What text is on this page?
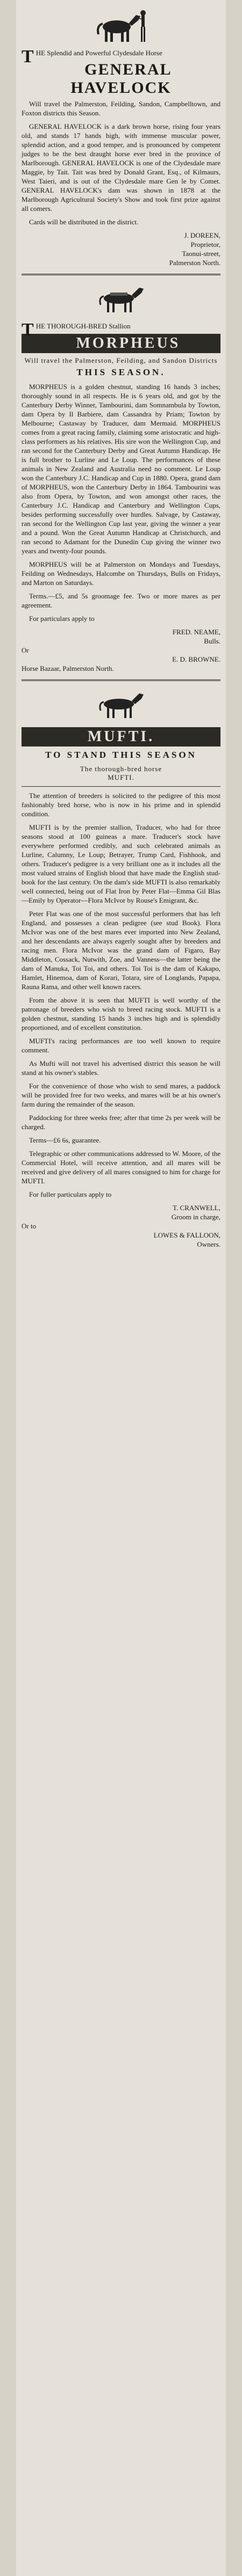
T HE Splendid and Powerful Clydesdale Horse
GENERAL HAVELOCK

Will travel the Palmerston, Feilding, Sandon, Campbelltown, and Foxton districts this Season.

GENERAL HAVELOCK is a dark brown horse, rising four years old, and stands 17 hands high, with immense muscular power, splendid action, and a good temper, and is pronounced by competent judges to be the best draught horse ever bred in the province of Marlborough. GENERAL HAVELOCK is one of the Clydesdale mare Maggie, by Tait. Tait was bred by Donald Grant, Esq., of Kilmaurs, West Taieri, and is out of the Clydesdale mare Gen le by Comet. GENERAL HAVELOCK's dam was shown in 1878 at the Marlborough Agricultural Society's Show and took first prize against all comers.

Cards will be distributed in the district.

J. DOREEN,
Proprietor,
Taonui-street,
Palmerston North.
T HE THOROUGH-BRED Stallion
MORPHEUS
Will travel the Palmerston, Feilding, and Sandon Districts
THIS SEASON.

MORPHEUS is a golden chestnut, standing 16 hands 3 inches; thoroughly sound in all respects. He is 6 years old, and got by the Canterbury Derby Winner, Tambourini, dam Somnambula by Towton, dam Opera by Il Barbiere, dam Cassandra by Priam; Towton by Melbourne; Castaway by Traducer, dam Mermaid. MORPHEUS comes from a great racing family, claiming some aristocratic and high-class performers as his relatives. His sire won the Wellington Cup, and ran second for the Canterbury Derby and Great Autumn Handicap. He is full brother to Lurline and Le Loup. The performances of these animals in New Zealand and Australia need no comment. Le Loup won the Canterbury J.C. Handicap and Cup in 1880. Opera, grand dam of MORPHEUS, won the Canterbury Derby in 1864. Tambourini was also from Opera, by Towton, and won amongst other races, the Canterbury J.C. Handicap and Canterbury and Wellington Cups, besides performing successfully over hurdles. Salvage, by Castaway, ran second for the Wellington Cup last year, giving the winner a year and a pound. Won the Great Autumn Handicap at Christchurch, and ran second to Adamant for the Dunedin Cup giving the winner two years and twenty-four pounds.

MORPHEUS will be at Palmerston on Mondays and Tuesdays, Feilding on Wednesdays, Halcombe on Thursdays, Bulls on Fridays, and Marton on Saturdays.

Terms.—£5, and 5s groomage fee. Two or more mares as per agreement.

For particulars apply to

FRED. NEAME,
Bulls.
Or
E. D. BROWNE.
Horse Bazaar, Palmerston North.
MUFTI.
TO STAND THIS SEASON
The thorough-bred horse
MUFTI.

The attention of breeders is solicited to the pedigree of this most fashionably bred horse, who is now in his prime and in splendid condition.

MUFTI is by the premier stallion, Traducer, who had for three seasons stood at 100 guineas a mare. Traducer's stock have everywhere performed credibly, and such celebrated animals as Lurline, Calumny, Le Loup; Betrayer, Trump Card, Fishhook, and others. Traducer's pedigree is a very brilliant one as it includes all the most valued strains of English blood that have made the English stud-book for the last century. On the dam's side MUFTI is also remarkably well connected, being out of Flat Iron by Peter Flat—Emma Gil Blas—Emily by Operator—Flora McIvor by Rouse's Emigrant, &c.

Peter Flat was one of the most successful performers that has left England, and possesses a clean pedigree (see stud Book). Flora McIvor was one of the best mares ever imported into New Zealand, and her descendants are always eagerly sought after by breeders and racing men. Flora McIvor was the grand dam of Figaro, Bay Middleton, Cossack, Nutwith, Zoe, and Vanness—the latter being the dam of Manuka, Toi Toi, and others. Toi Toi is the dam of Kakapo, Hamlet, Hinemoa, dam of Korari, Totara, sire of Longlands, Papapa, Rauna Rama, and other well known racers.

From the above it is seen that MUFTI is well worthy of the patronage of breeders who wish to breed racing stock. MUFTI is a golden chestnut, standing 15 hands 3 inches high and is splendidly proportioned, and of excellent constitution.

MUFTI's racing performances are too well known to require comment.

As Mufti will not travel his advertised district this season he will stand at his owner's stables.

For the convenience of those who wish to send mares, a paddock will be provided free for two weeks, and mares will be at his owner's farm during the remainder of the season.

Paddocking for three weeks free; after that time 2s per week will be charged.

Terms—£6 6s, guarantee.

Telegraphic or other communications addressed to W. Moore, of the Commercial Hotel, will receive attention, and all mares will be received and give delivery of all mares consigned to him for charge for MUFTI.

For fuller particulars apply to

T. CRANWELL,
Groom in charge,
Or to
LOWES & FALLOON,
Owners.
